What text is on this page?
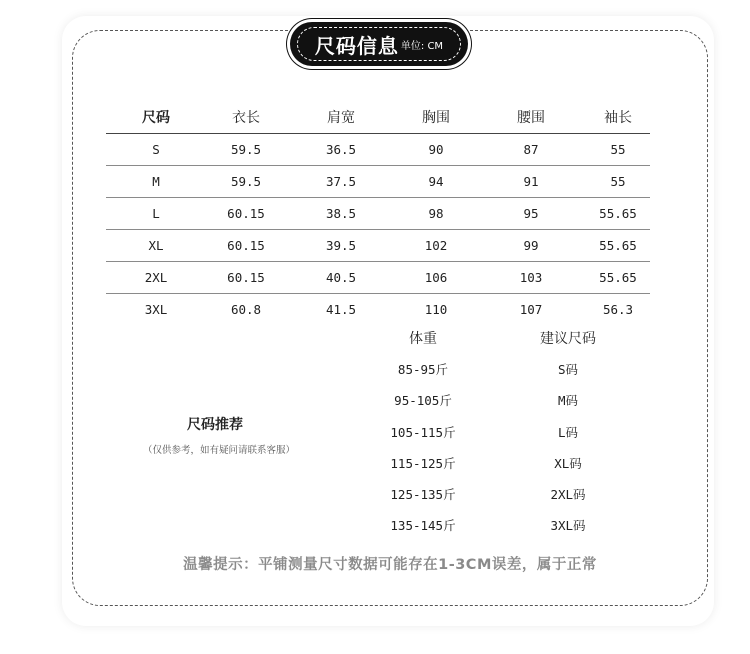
尺码信息 单位: CM
尺码	衣长	肩宽	胸围	腰围	袖长
S	59.5	36.5	90	87	55
M	59.5	37.5	94	91	55
L	60.15	38.5	98	95	55.65
XL	60.15	39.5	102	99	55.65
2XL	60.15	40.5	106	103	55.65
3XL	60.8	41.5	110	107	56.3
尺码推荐
（仅供参考，如有疑问请联系客服）
体重	建议尺码
85-95斤	S码
95-105斤	M码
105-115斤	L码
115-125斤	XL码
125-135斤	2XL码
135-145斤	3XL码
温馨提示：平铺测量尺寸数据可能存在1-3CM误差，属于正常
